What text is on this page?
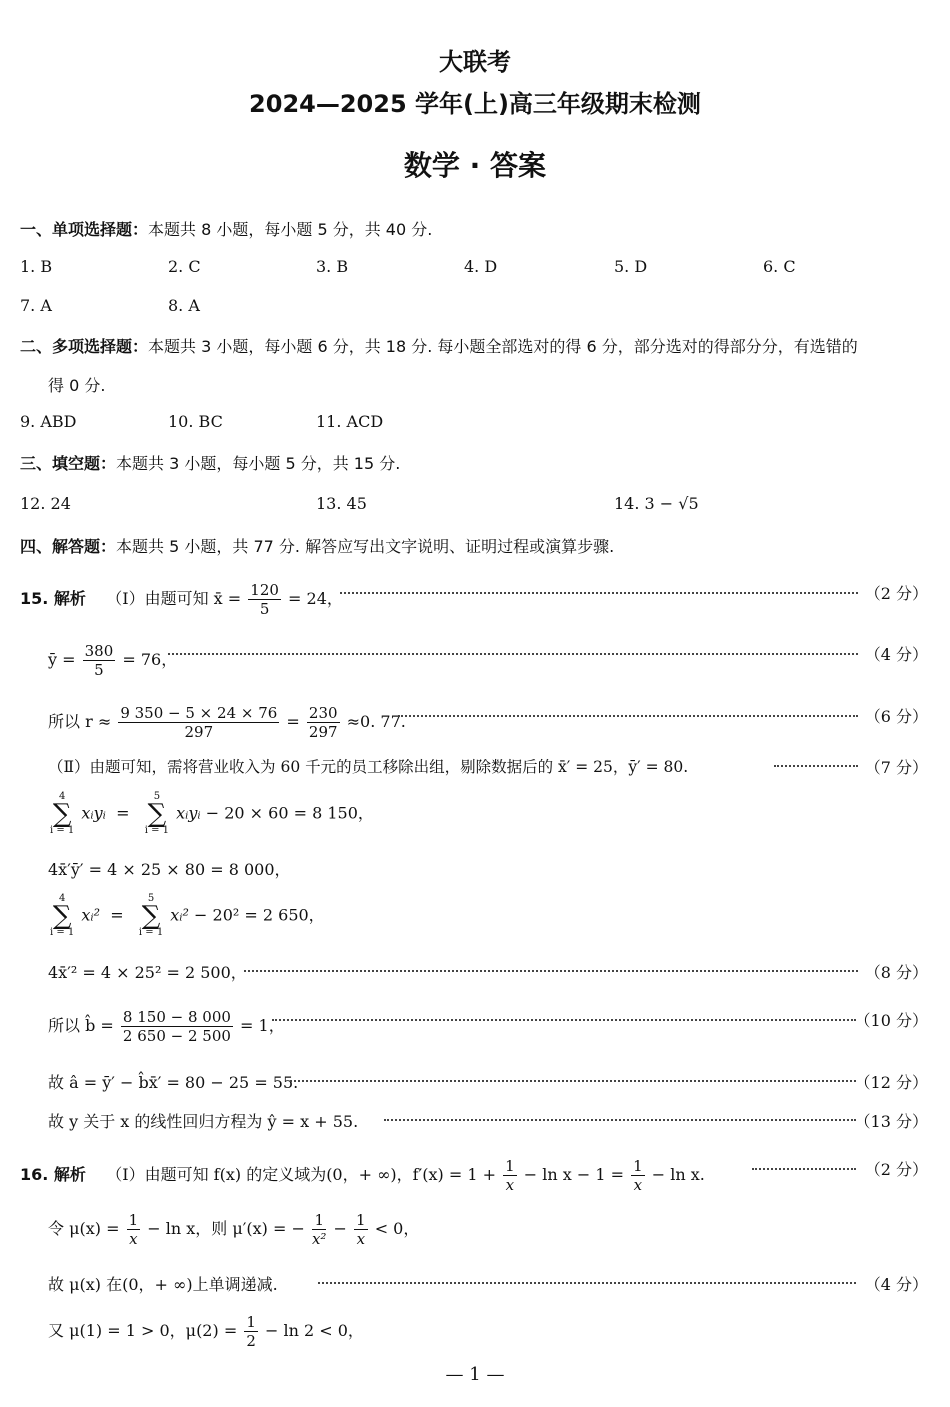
大联考
2024—2025 学年(上)高三年级期末检测
数学 · 答案
一、单项选择题：本题共 8 小题，每小题 5 分，共 40 分.
1. B	2. C	3. B	4. D	5. D	6. C
7. A	8. A
二、多项选择题：本题共 3 小题，每小题 6 分，共 18 分. 每小题全部选对的得 6 分，部分选对的得部分分，有选错的
得 0 分.
9. ABD	10. BC	11. ACD
三、填空题：本题共 3 小题，每小题 5 分，共 15 分.
12. 24	13. 45	14. 3 − √5
四、解答题：本题共 5 小题，共 77 分. 解答应写出文字说明、证明过程或演算步骤.
15. 解析 （Ⅰ）由题可知 x̄ = $\frac{120}{5} = 24$，	（2 分）
ȳ = $\frac{380}{5} = 76$，	（4 分）
所以 $r \approx \frac{9 350 - 5 \times 24 \times 76}{297} = \frac{230}{297} \approx 0$. 77.	（6 分）
（Ⅱ）由题可知，需将营业收入为 60 千元的员工移除出组，剔除数据后的 x̄′ = 25，ȳ′ = 80.	（7 分）
4
∑
i = 1 xᵢyᵢ  =   5
∑
i = 1 xᵢyᵢ − 20 × 60 = 8 150，
4x̄′ȳ′ = 4 × 25 × 80 = 8 000，
4
∑
i = 1 xᵢ²  =   5
∑
i = 1 xᵢ² − 20² = 2 650，
4x̄′² = 4 × 25² = 2 500，	（8 分）
所以 b̂ = $\frac{8 150 - 8 000}{2 650 - 2 500} = 1$，	（10 分）
故 â = ȳ′ − b̂x̄′ = 80 − 25 = 55.	（12 分）
故 y 关于 x 的线性回归方程为 ŷ = x + 55.	（13 分）
16. 解析 （Ⅰ）由题可知 f(x) 的定义域为(0，+ ∞)，$f'(x) = 1 + \frac{1}{x} - \ln x - 1 = \frac{1}{x} - \ln x$.	（2 分）
令 $\mu(x) = \frac{1}{x} - \ln x$，则 μ′(x) = − $\frac{1}{\text{x²}} - \frac{1}{x} < 0$，
故 μ(x) 在(0，+ ∞)上单调递减.	（4 分）
又 μ(1) = 1 > 0，$\mu(2) = \frac{1}{2} - \ln 2 < 0$，
— 1 —
